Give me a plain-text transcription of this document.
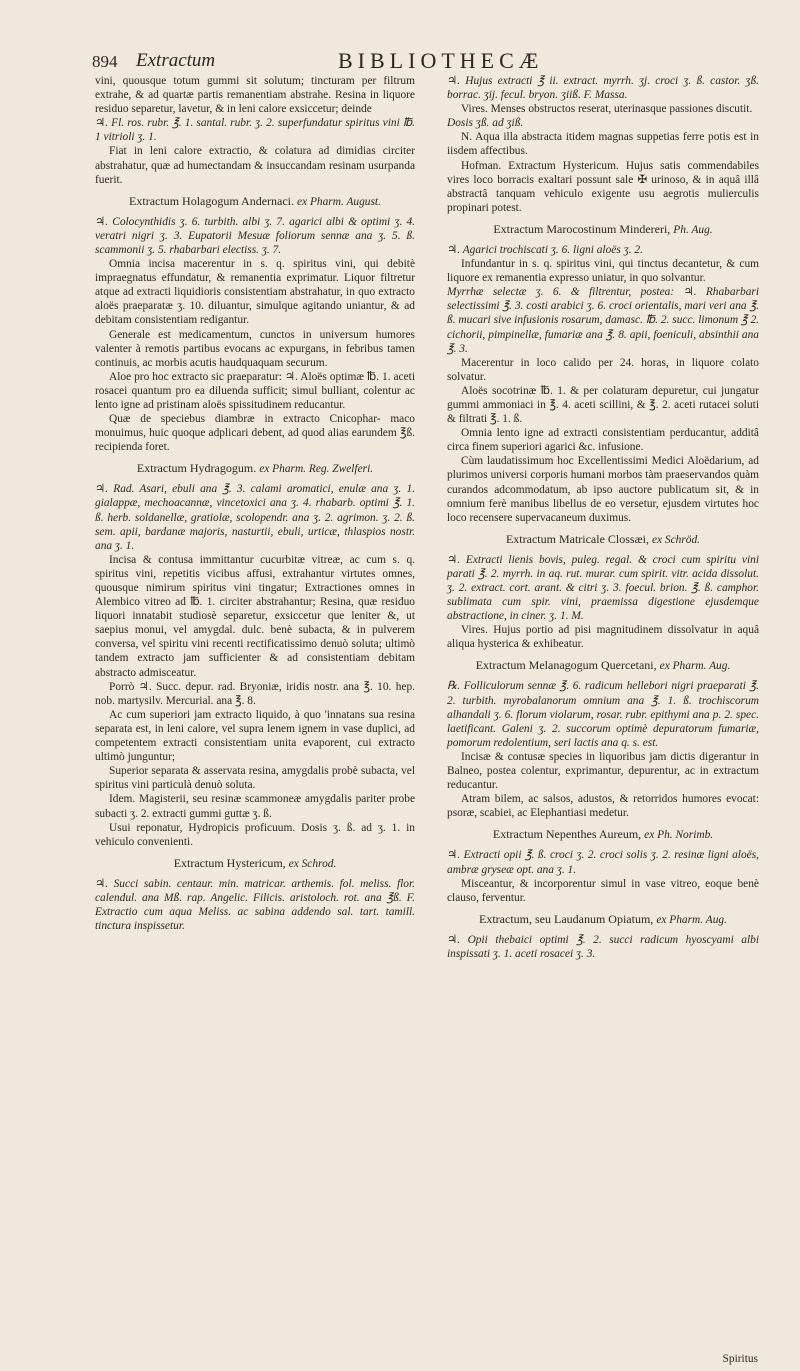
894 Extractum	BIBLIOTHECÆ

vini, quousque totum gummi sit solutum; tincturam per filtrum extrahe, & ad quartæ partis remanentiam abstrahe. Resina in liquore residuo separetur, lavetur, & in leni calore exsiccetur; deinde

♃. Fl. ros. rubr. ℥. 1. santal. rubr. ʒ. 2. superfundatur spiritus vini ℔. 1 vitrioli ʒ. 1.

Fiat in leni calore extractio, & colatura ad dimidias circiter abstrahatur, quæ ad humectandam & insuccandam resinam usurpanda fuerit.

Extractum Holagogum Andernaci. ex Pharm. August.

♃. Colocynthidis ʒ. 6. turbith. albi ʒ. 7. agarici albi & optimi ʒ. 4. veratri nigri ʒ. 3. Eupatorii Mesuæ foliorum sennæ ana ʒ. 5. ß. scammonii ʒ. 5. rhabarbari electiss. ʒ. 7.

Omnia incisa macerentur in s. q. spiritus vini, qui debitè impraegnatus effundatur, & remanentia exprimatur. Liquor filtretur atque ad extracti liquidioris consistentiam abstrahatur, in quo extracto aloës praeparatæ ʒ. 10. diluantur, simulque agitando uniantur, & ad debitam consistentiam redigantur.

Generale est medicamentum, cunctos in universum humores valenter à remotis partibus evocans ac expurgans, in febribus tamen continuis, ac morbis acutis haudquaquam securum.

Aloe pro hoc extracto sic praeparatur: ♃. Aloës optimæ ℔. 1. aceti rosacei quantum pro ea diluenda sufficit; simul bulliant, colentur ac lento igne ad pristinam aloës spissitudinem reducantur.

Quæ de speciebus diambræ in extracto Cnicophar- maco monuimus, huic quoque adplicari debent, ad quod alias earundem ℥ß. recipienda foret.

Extractum Hydragogum. ex Pharm. Reg. Zwelferi.

♃. Rad. Asari, ebuli ana ℥. 3. calami aromatici, enulæ ana ʒ. 1. gialappæ, mechoacannæ, vincetoxici ana ʒ. 4. rhabarb. optimi ℥. 1. ß. herb. soldanellæ, gratiolæ, scolopendr. ana ʒ. 2. agrimon. ʒ. 2. ß. sem. apii, bardanæ majoris, nasturtii, ebuli, urticæ, thlaspios nostr. ana ʒ. 1.

Incisa & contusa immittantur cucurbitæ vitreæ, ac cum s. q. spiritus vini, repetitis vicibus affusi, extrahantur virtutes omnes, quousque nimirum spiritus vini tingatur; Extractiones omnes in Alembico vitreo ad ℔. 1. circiter abstrahantur; Resina, quæ residuo liquori innatabit studiosè separetur, exsiccetur que leniter &, ut saepius monui, vel amygdal. dulc. benè subacta, & in pulverem conversa, vel spiritu vini recenti rectificatissimo denuò soluta; ultimò tandem extracto jam sufficienter & ad consistentiam debitam abstracto admisceatur.

Porrò ♃. Succ. depur. rad. Bryoniæ, iridis nostr. ana ℥. 10. hep. nob. martysilv. Mercurial. ana ℥. 8.

Ac cum superiori jam extracto liquido, à quo 'innatans sua resina separata est, in leni calore, vel supra lenem ignem in vase duplici, ad competentem extracti consistentiam unita evaporent, cui extracto ultimò junguntur;

Superior separata & asservata resina, amygdalis probè subacta, vel spiritus vini particulà denuò soluta.

Idem. Magisterii, seu resinæ scammoneæ amygdalis pariter probe subacti ʒ. 2. extracti gummi guttæ ʒ. ß.

Usui reponatur, Hydropicis proficuum. Dosis ʒ. ß. ad ʒ. 1. in vehiculo convenienti.

Extractum Hystericum, ex Schrod.

♃. Succi sabin. centaur. min. matricar. arthemis. fol. meliss. flor. calendul. ana Mß. rap. Angelic. Filicis. aristoloch. rot. ana ℥ß. F. Extractio cum aqua Meliss. ac sabina addendo sal. tart. tamill. tinctura inspissetur.

♃. Hujus extracti ℥ ii. extract. myrrh. ʒj. croci ʒ. ß. castor. ʒß. borrac. ʒij. fecul. bryon. ʒiiß. F. Massa.

Vires. Menses obstructos reserat, uterinasque passiones discutit.

Dosis ʒß. ad ʒiß.

N. Aqua illa abstracta itidem magnas suppetias ferre potis est in iisdem affectibus.

Hofman. Extractum Hystericum. Hujus satis commendabiles vires loco borracis exaltari possunt sale ✠ urinoso, & in aquâ illâ abstractâ tanquam vehiculo exigente usu aegrotis mulierculis propinari potest.

Extractum Marocostinum Mindereri, Ph. Aug.

♃. Agarici trochiscati ʒ. 6. ligni aloës ʒ. 2.

Infundantur in s. q. spiritus vini, qui tinctus decantetur, & cum liquore ex remanentia expresso uniatur, in quo solvantur.

Myrrhæ selectæ ʒ. 6. & filtrentur, postea: ♃. Rhabarbari selectissimi ℥. 3. costi arabici ʒ. 6. croci orientalis, mari veri ana ℥. ß. mucari sive infusionis rosarum, damasc. ℔. 2. succ. limonum ℥ 2. cichorii, pimpinellæ, fumariæ ana ℥. 8. apii, foeniculi, absinthii ana ℥. 3.

Macerentur in loco calido per 24. horas, in liquore colato solvatur.

Aloës socotrinæ ℔. 1. & per colaturam depuretur, cui jungatur gummi ammoniaci in ℥. 4. aceti scillini, & ℥. 2. aceti rutacei soluti & filtrati ℥. 1. ß.

Omnia lento igne ad extracti consistentiam perducantur, additâ circa finem superiori agarici &c. infusione.

Cùm laudatissimum hoc Excellentissimi Medici Aloëdarium, ad plurimos universi corporis humani morbos tàm praeservandos quàm curandos adcommodatum, ab ipso auctore publicatum sit, & in omnium ferè manibus libellus de eo versetur, ejusdem virtutes hoc loco recensere supervacaneum duximus.

Extractum Matricale Clossæi, ex Schröd.

♃. Extracti lienis bovis, puleg. regal. & croci cum spiritu vini parati ℥. 2. myrrh. in aq. rut. murar. cum spirit. vitr. acida dissolut. ʒ. 2. extract. cort. arant. & citri ʒ. 3. foecul. brion. ℥. ß. camphor. sublimata cum spir. vini, praemissa digestione ejusdemque abstractione, in ciner. ʒ. 1. M.

Vires. Hujus portio ad pisi magnitudinem dissolvatur in aquâ aliqua hysterica & exhibeatur.

Extractum Melanagogum Quercetani, ex Pharm. Aug.

℞. Folliculorum sennæ ℥. 6. radicum hellebori nigri praeparati ℥. 2. turbith. myrobalanorum omnium ana ℥. 1. ß. trochiscorum alhandali ʒ. 6. florum violarum, rosar. rubr. epithymi ana p. 2. spec. laetificant. Galeni ʒ. 2. succorum optimè depuratorum fumariæ, pomorum redolentium, seri lactis ana q. s. est.

Incisæ & contusæ species in liquoribus jam dictis digerantur in Balneo, postea colentur, exprimantur, depurentur, ac in extractum reducantur.

Atram bilem, ac salsos, adustos, & retorridos humores evocat: psoræ, scabiei, ac Elephantiasi medetur.

Extractum Nepenthes Aureum, ex Ph. Norimb.

♃. Extracti opii ℥. ß. croci ʒ. 2. croci solis ʒ. 2. resinæ ligni aloës, ambræ gryseæ opt. ana ʒ. 1.

Misceantur, & incorporentur simul in vase vitreo, eoque benè clauso, ferventur.

Extractum, seu Laudanum Opiatum, ex Pharm. Aug.

♃. Opii thebaici optimi ℥. 2. succi radicum hyoscyami albi inspissati ʒ. 1. aceti rosacei ʒ. 3.

Spiritus
